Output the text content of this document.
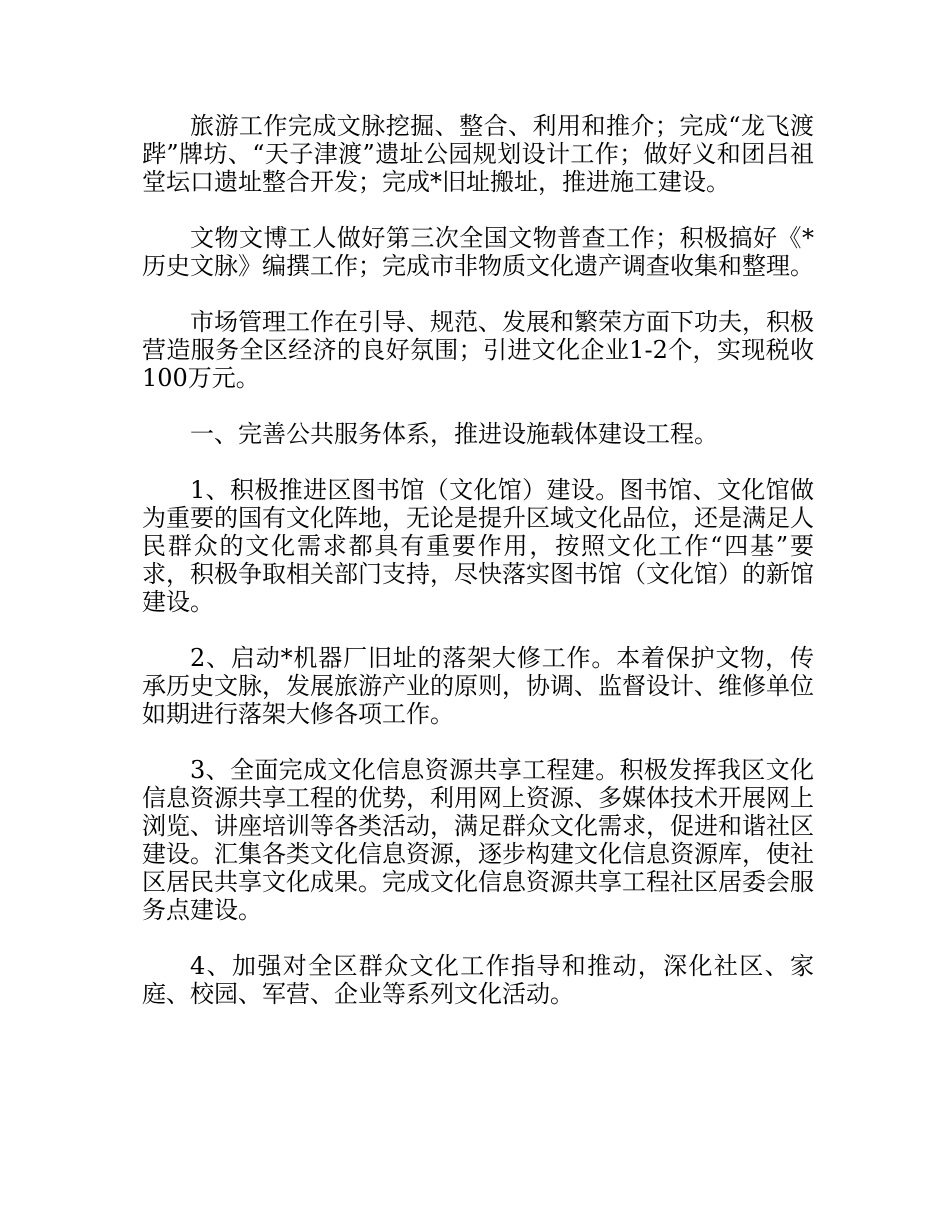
旅游工作完成文脉挖掘、整合、利用和推介；完成“龙飞渡跸”牌坊、“天子津渡”遗址公园规划设计工作；做好义和团吕祖堂坛口遗址整合开发；完成*旧址搬址，推进施工建设。

文物文博工人做好第三次全国文物普查工作；积极搞好《*历史文脉》编撰工作；完成市非物质文化遗产调查收集和整理。

市场管理工作在引导、规范、发展和繁荣方面下功夫，积极营造服务全区经济的良好氛围；引进文化企业1-2个，实现税收100万元。

一、完善公共服务体系，推进设施载体建设工程。

1、积极推进区图书馆（文化馆）建设。图书馆、文化馆做为重要的国有文化阵地，无论是提升区域文化品位，还是满足人民群众的文化需求都具有重要作用，按照文化工作“四基”要求，积极争取相关部门支持，尽快落实图书馆（文化馆）的新馆建设。

2、启动*机器厂旧址的落架大修工作。本着保护文物，传承历史文脉，发展旅游产业的原则，协调、监督设计、维修单位如期进行落架大修各项工作。

3、全面完成文化信息资源共享工程建。积极发挥我区文化信息资源共享工程的优势，利用网上资源、多媒体技术开展网上浏览、讲座培训等各类活动，满足群众文化需求，促进和谐社区建设。汇集各类文化信息资源，逐步构建文化信息资源库，使社区居民共享文化成果。完成文化信息资源共享工程社区居委会服务点建设。

4、加强对全区群众文化工作指导和推动，深化社区、家庭、校园、军营、企业等系列文化活动。
